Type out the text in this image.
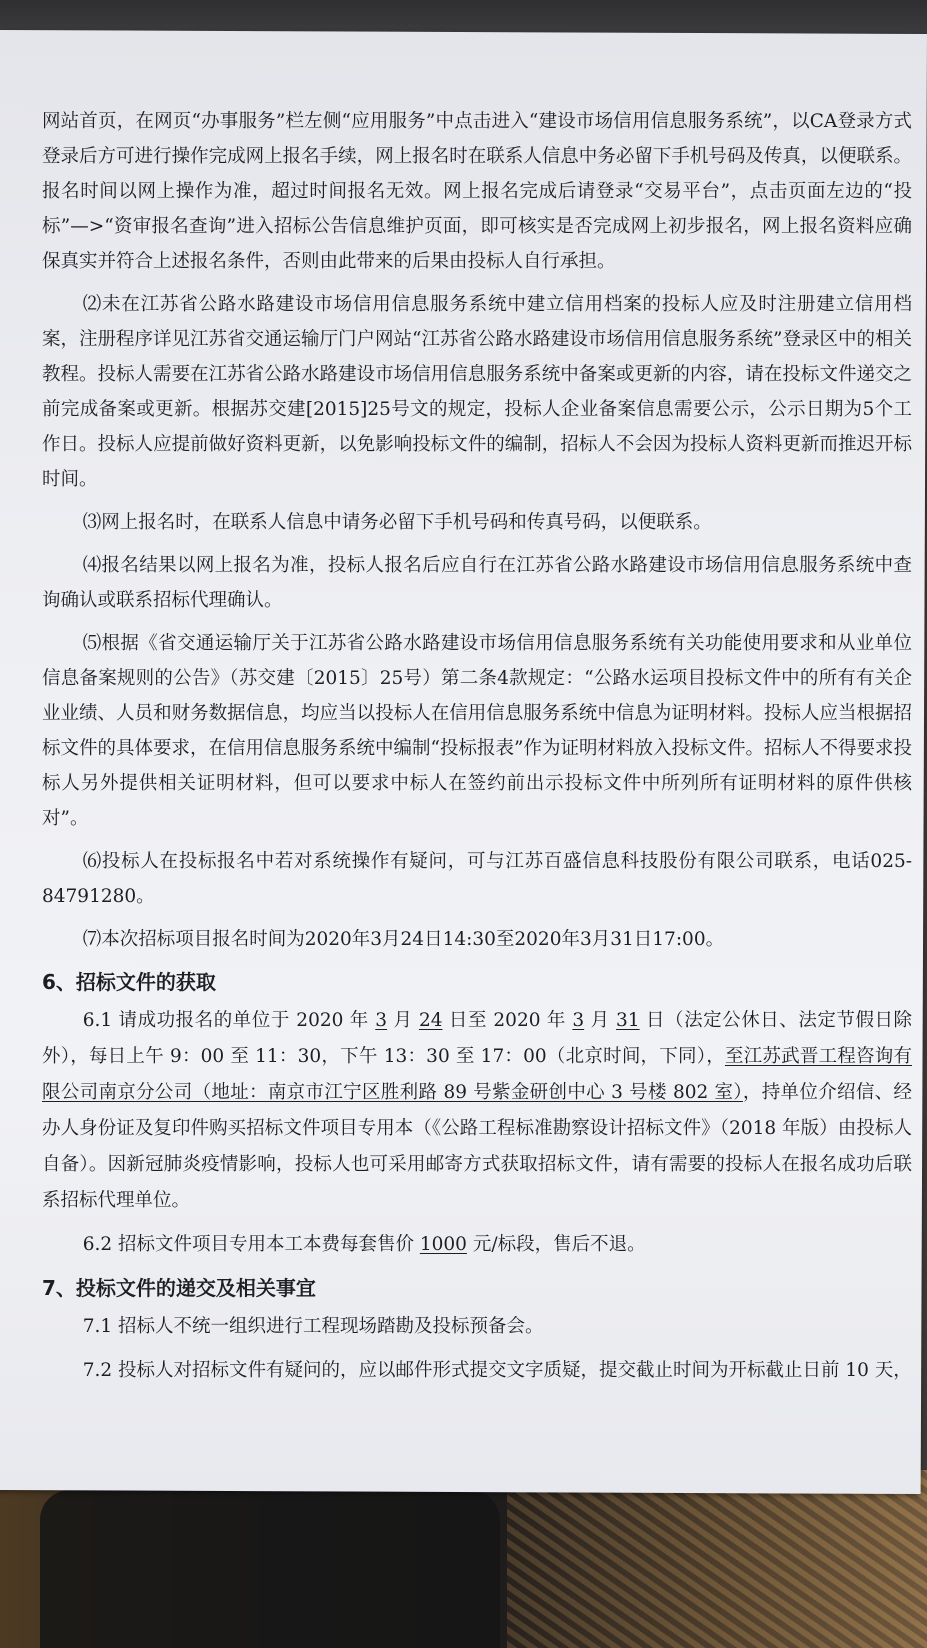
网站首页，在网页“办事服务”栏左侧“应用服务”中点击进入“建设市场信用信息服务系统”，以CA登录方式登录后方可进行操作完成网上报名手续，网上报名时在联系人信息中务必留下手机号码及传真，以便联系。报名时间以网上操作为准，超过时间报名无效。网上报名完成后请登录“交易平台”，点击页面左边的“投标”—>“资审报名查询”进入招标公告信息维护页面，即可核实是否完成网上初步报名，网上报名资料应确保真实并符合上述报名条件，否则由此带来的后果由投标人自行承担。

⑵未在江苏省公路水路建设市场信用信息服务系统中建立信用档案的投标人应及时注册建立信用档案，注册程序详见江苏省交通运输厅门户网站“江苏省公路水路建设市场信用信息服务系统”登录区中的相关教程。投标人需要在江苏省公路水路建设市场信用信息服务系统中备案或更新的内容，请在投标文件递交之前完成备案或更新。根据苏交建[2015]25号文的规定，投标人企业备案信息需要公示，公示日期为5个工作日。投标人应提前做好资料更新，以免影响投标文件的编制，招标人不会因为投标人资料更新而推迟开标时间。

⑶网上报名时，在联系人信息中请务必留下手机号码和传真号码，以便联系。

⑷报名结果以网上报名为准，投标人报名后应自行在江苏省公路水路建设市场信用信息服务系统中查询确认或联系招标代理确认。

⑸根据《省交通运输厅关于江苏省公路水路建设市场信用信息服务系统有关功能使用要求和从业单位信息备案规则的公告》（苏交建〔2015〕25号）第二条4款规定：“公路水运项目投标文件中的所有有关企业业绩、人员和财务数据信息，均应当以投标人在信用信息服务系统中信息为证明材料。投标人应当根据招标文件的具体要求，在信用信息服务系统中编制“投标报表”作为证明材料放入投标文件。招标人不得要求投标人另外提供相关证明材料，但可以要求中标人在签约前出示投标文件中所列所有证明材料的原件供核对”。

⑹投标人在投标报名中若对系统操作有疑问，可与江苏百盛信息科技股份有限公司联系，电话025-84791280。

⑺本次招标项目报名时间为2020年3月24日14:30至2020年3月31日17:00。

6、招标文件的获取

6.1 请成功报名的单位于 2020 年 3 月 24 日至 2020 年 3 月 31 日（法定公休日、法定节假日除外），每日上午 9：00 至 11：30，下午 13：30 至 17：00（北京时间，下同），至江苏武晋工程咨询有限公司南京分公司（地址：南京市江宁区胜利路 89 号紫金研创中心 3 号楼 802 室），持单位介绍信、经办人身份证及复印件购买招标文件项目专用本（《公路工程标准勘察设计招标文件》（2018 年版）由投标人自备）。因新冠肺炎疫情影响，投标人也可采用邮寄方式获取招标文件，请有需要的投标人在报名成功后联系招标代理单位。

6.2 招标文件项目专用本工本费每套售价 1000 元/标段，售后不退。

7、投标文件的递交及相关事宜

7.1 招标人不统一组织进行工程现场踏勘及投标预备会。

7.2 投标人对招标文件有疑问的，应以邮件形式提交文字质疑，提交截止时间为开标截止日前 10 天，
